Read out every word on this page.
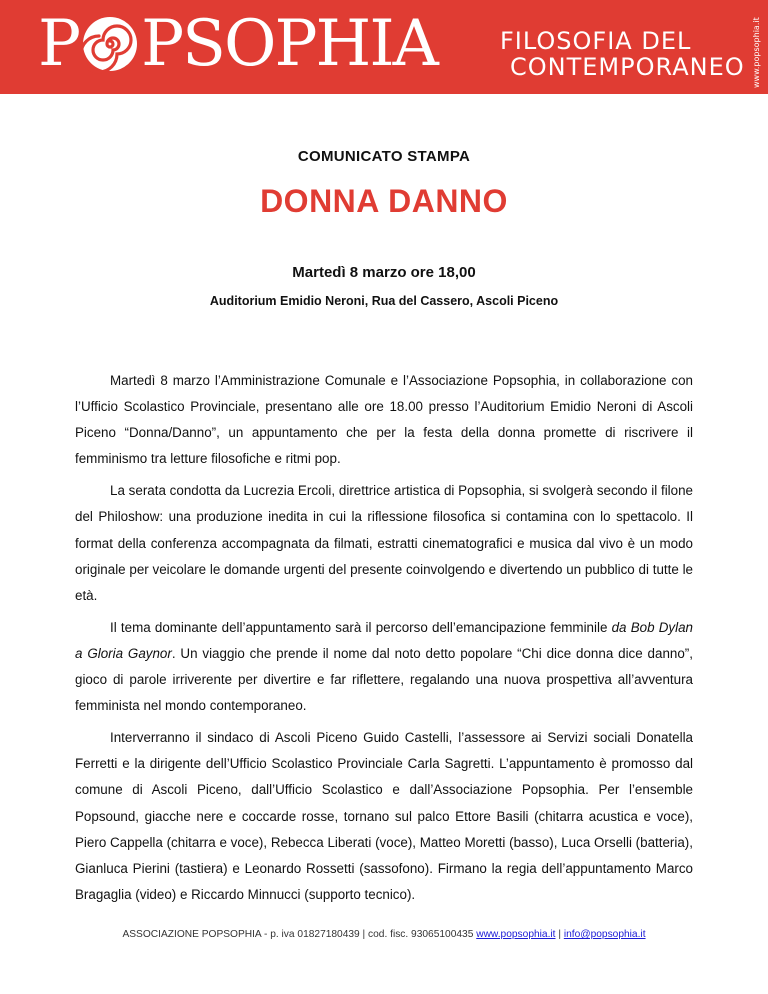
P PSOPHIA	FILOSOFIA DEL
CONTEMPORANEO www.popsophia.it
COMUNICATO STAMPA
DONNA DANNO
Martedì 8 marzo ore 18,00
Auditorium Emidio Neroni, Rua del Cassero, Ascoli Piceno

Martedì 8 marzo l’Amministrazione Comunale e l’Associazione Popsophia, in collaborazione con l’Ufficio Scolastico Provinciale, presentano alle ore 18.00 presso l’Auditorium Emidio Neroni di Ascoli Piceno “Donna/Danno”, un appuntamento che per la festa della donna promette di riscrivere il femminismo tra letture filosofiche e ritmi pop.

La serata condotta da Lucrezia Ercoli, direttrice artistica di Popsophia, si svolgerà secondo il filone del Philoshow: una produzione inedita in cui la riflessione filosofica si contamina con lo spettacolo. Il format della conferenza accompagnata da filmati, estratti cinematografici e musica dal vivo è un modo originale per veicolare le domande urgenti del presente coinvolgendo e divertendo un pubblico di tutte le età.

Il tema dominante dell’appuntamento sarà il percorso dell’emancipazione femminile da Bob Dylan a Gloria Gaynor. Un viaggio che prende il nome dal noto detto popolare “Chi dice donna dice danno”, gioco di parole irriverente per divertire e far riflettere, regalando una nuova prospettiva all’avventura femminista nel mondo contemporaneo.

Interverranno il sindaco di Ascoli Piceno Guido Castelli, l’assessore ai Servizi sociali Donatella Ferretti e la dirigente dell’Ufficio Scolastico Provinciale Carla Sagretti. L’appuntamento è promosso dal comune di Ascoli Piceno, dall’Ufficio Scolastico e dall’Associazione Popsophia. Per l’ensemble Popsound, giacche nere e coccarde rosse, tornano sul palco Ettore Basili (chitarra acustica e voce), Piero Cappella (chitarra e voce), Rebecca Liberati (voce), Matteo Moretti (basso), Luca Orselli (batteria), Gianluca Pierini (tastiera) e Leonardo Rossetti (sassofono). Firmano la regia dell’appuntamento Marco Bragaglia (video) e Riccardo Minnucci (supporto tecnico).

ASSOCIAZIONE POPSOPHIA - p. iva 01827180439 | cod. fisc. 93065100435 www.popsophia.it | info@popsophia.it
